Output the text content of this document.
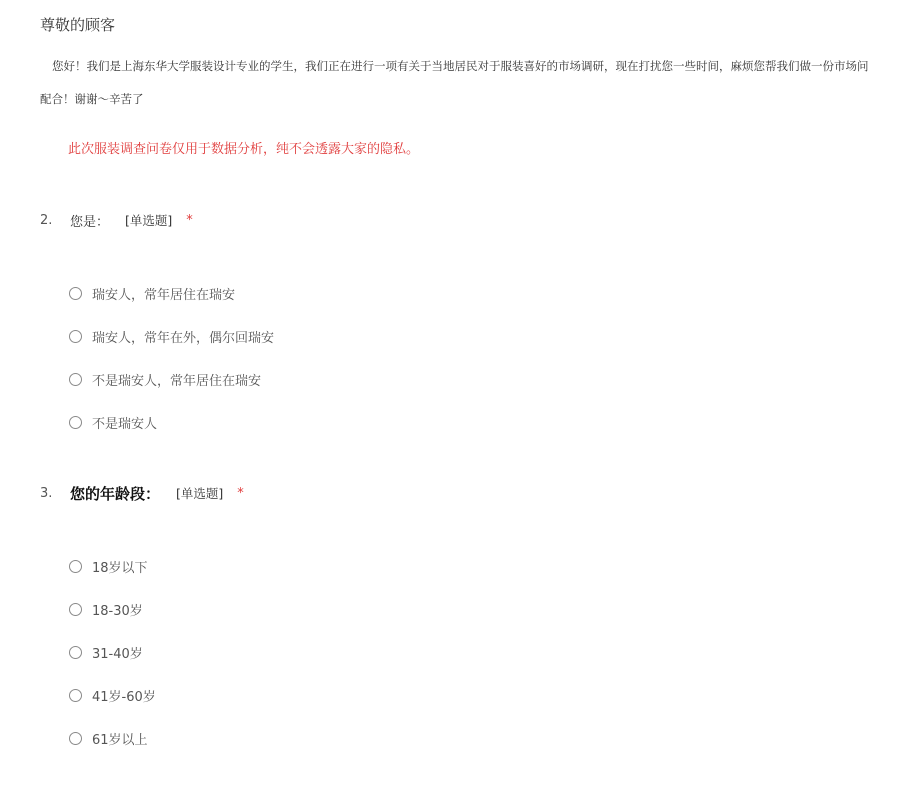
尊敬的顾客
您好！我们是上海东华大学服装设计专业的学生，我们正在进行一项有关于当地居民对于服装喜好的市场调研，现在打扰您一些时间，麻烦您帮我们做一份市场问
配合！谢谢～辛苦了
此次服装调查问卷仅用于数据分析，纯不会透露大家的隐私。
2.	您是： [单选题] *
瑞安人，常年居住在瑞安
瑞安人，常年在外，偶尔回瑞安
不是瑞安人，常年居住在瑞安
不是瑞安人
3.	您的年龄段： [单选题] *
18岁以下
18-30岁
31-40岁
41岁-60岁
61岁以上
